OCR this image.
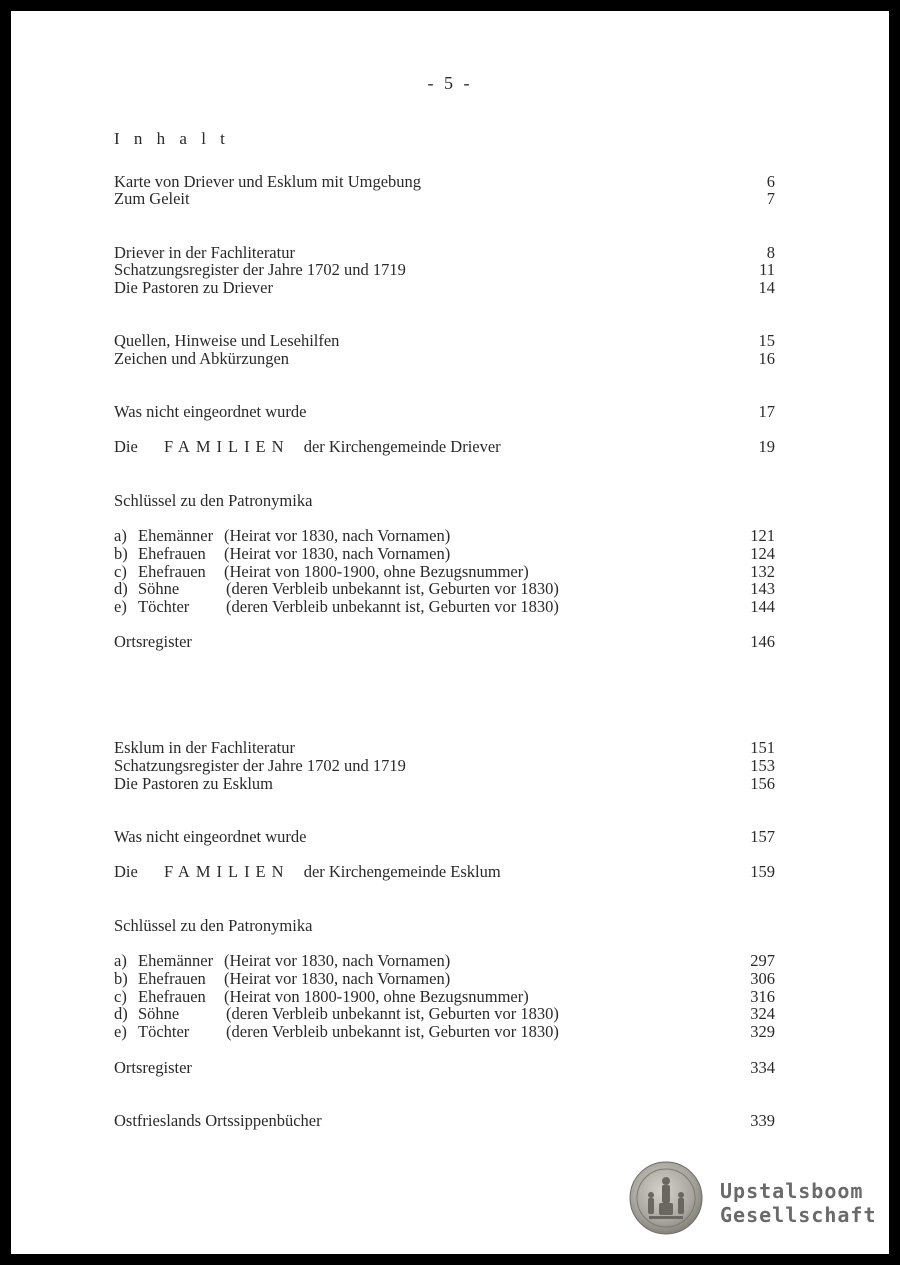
- 5 -
I n h a l t
Karte von Driever und Esklum mit Umgebung	6
Zum Geleit	7
Driever in der Fachliteratur	8
Schatzungsregister der Jahre 1702 und 1719	11
Die Pastoren zu Driever	14
Quellen, Hinweise und Lesehilfen	15
Zeichen und Abkürzungen	16
Was nicht eingeordnet wurde	17
Die FAMILIEN der Kirchengemeinde Driever	19
Schlüssel zu den Patronymika
a) Ehemänner (Heirat vor 1830, nach Vornamen)	121
b) Ehefrauen (Heirat vor 1830, nach Vornamen)	124
c) Ehefrauen (Heirat von 1800-1900, ohne Bezugsnummer)	132
d) Söhne	(deren Verbleib unbekannt ist, Geburten vor 1830)	143
e) Töchter (deren Verbleib unbekannt ist, Geburten vor 1830)	144
Ortsregister	146
Esklum in der Fachliteratur	151
Schatzungsregister der Jahre 1702 und 1719	153
Die Pastoren zu Esklum	156
Was nicht eingeordnet wurde	157
Die FAMILIEN der Kirchengemeinde Esklum	159
Schlüssel zu den Patronymika
a) Ehemänner (Heirat vor 1830, nach Vornamen)	297
b) Ehefrauen (Heirat vor 1830, nach Vornamen)	306
c) Ehefrauen (Heirat von 1800-1900, ohne Bezugsnummer)	316
d) Söhne	(deren Verbleib unbekannt ist, Geburten vor 1830)	324
e) Töchter (deren Verbleib unbekannt ist, Geburten vor 1830)	329
Ortsregister	334
Ostfrieslands Ortssippenbücher	339
Upstalsboom
Gesellschaft
